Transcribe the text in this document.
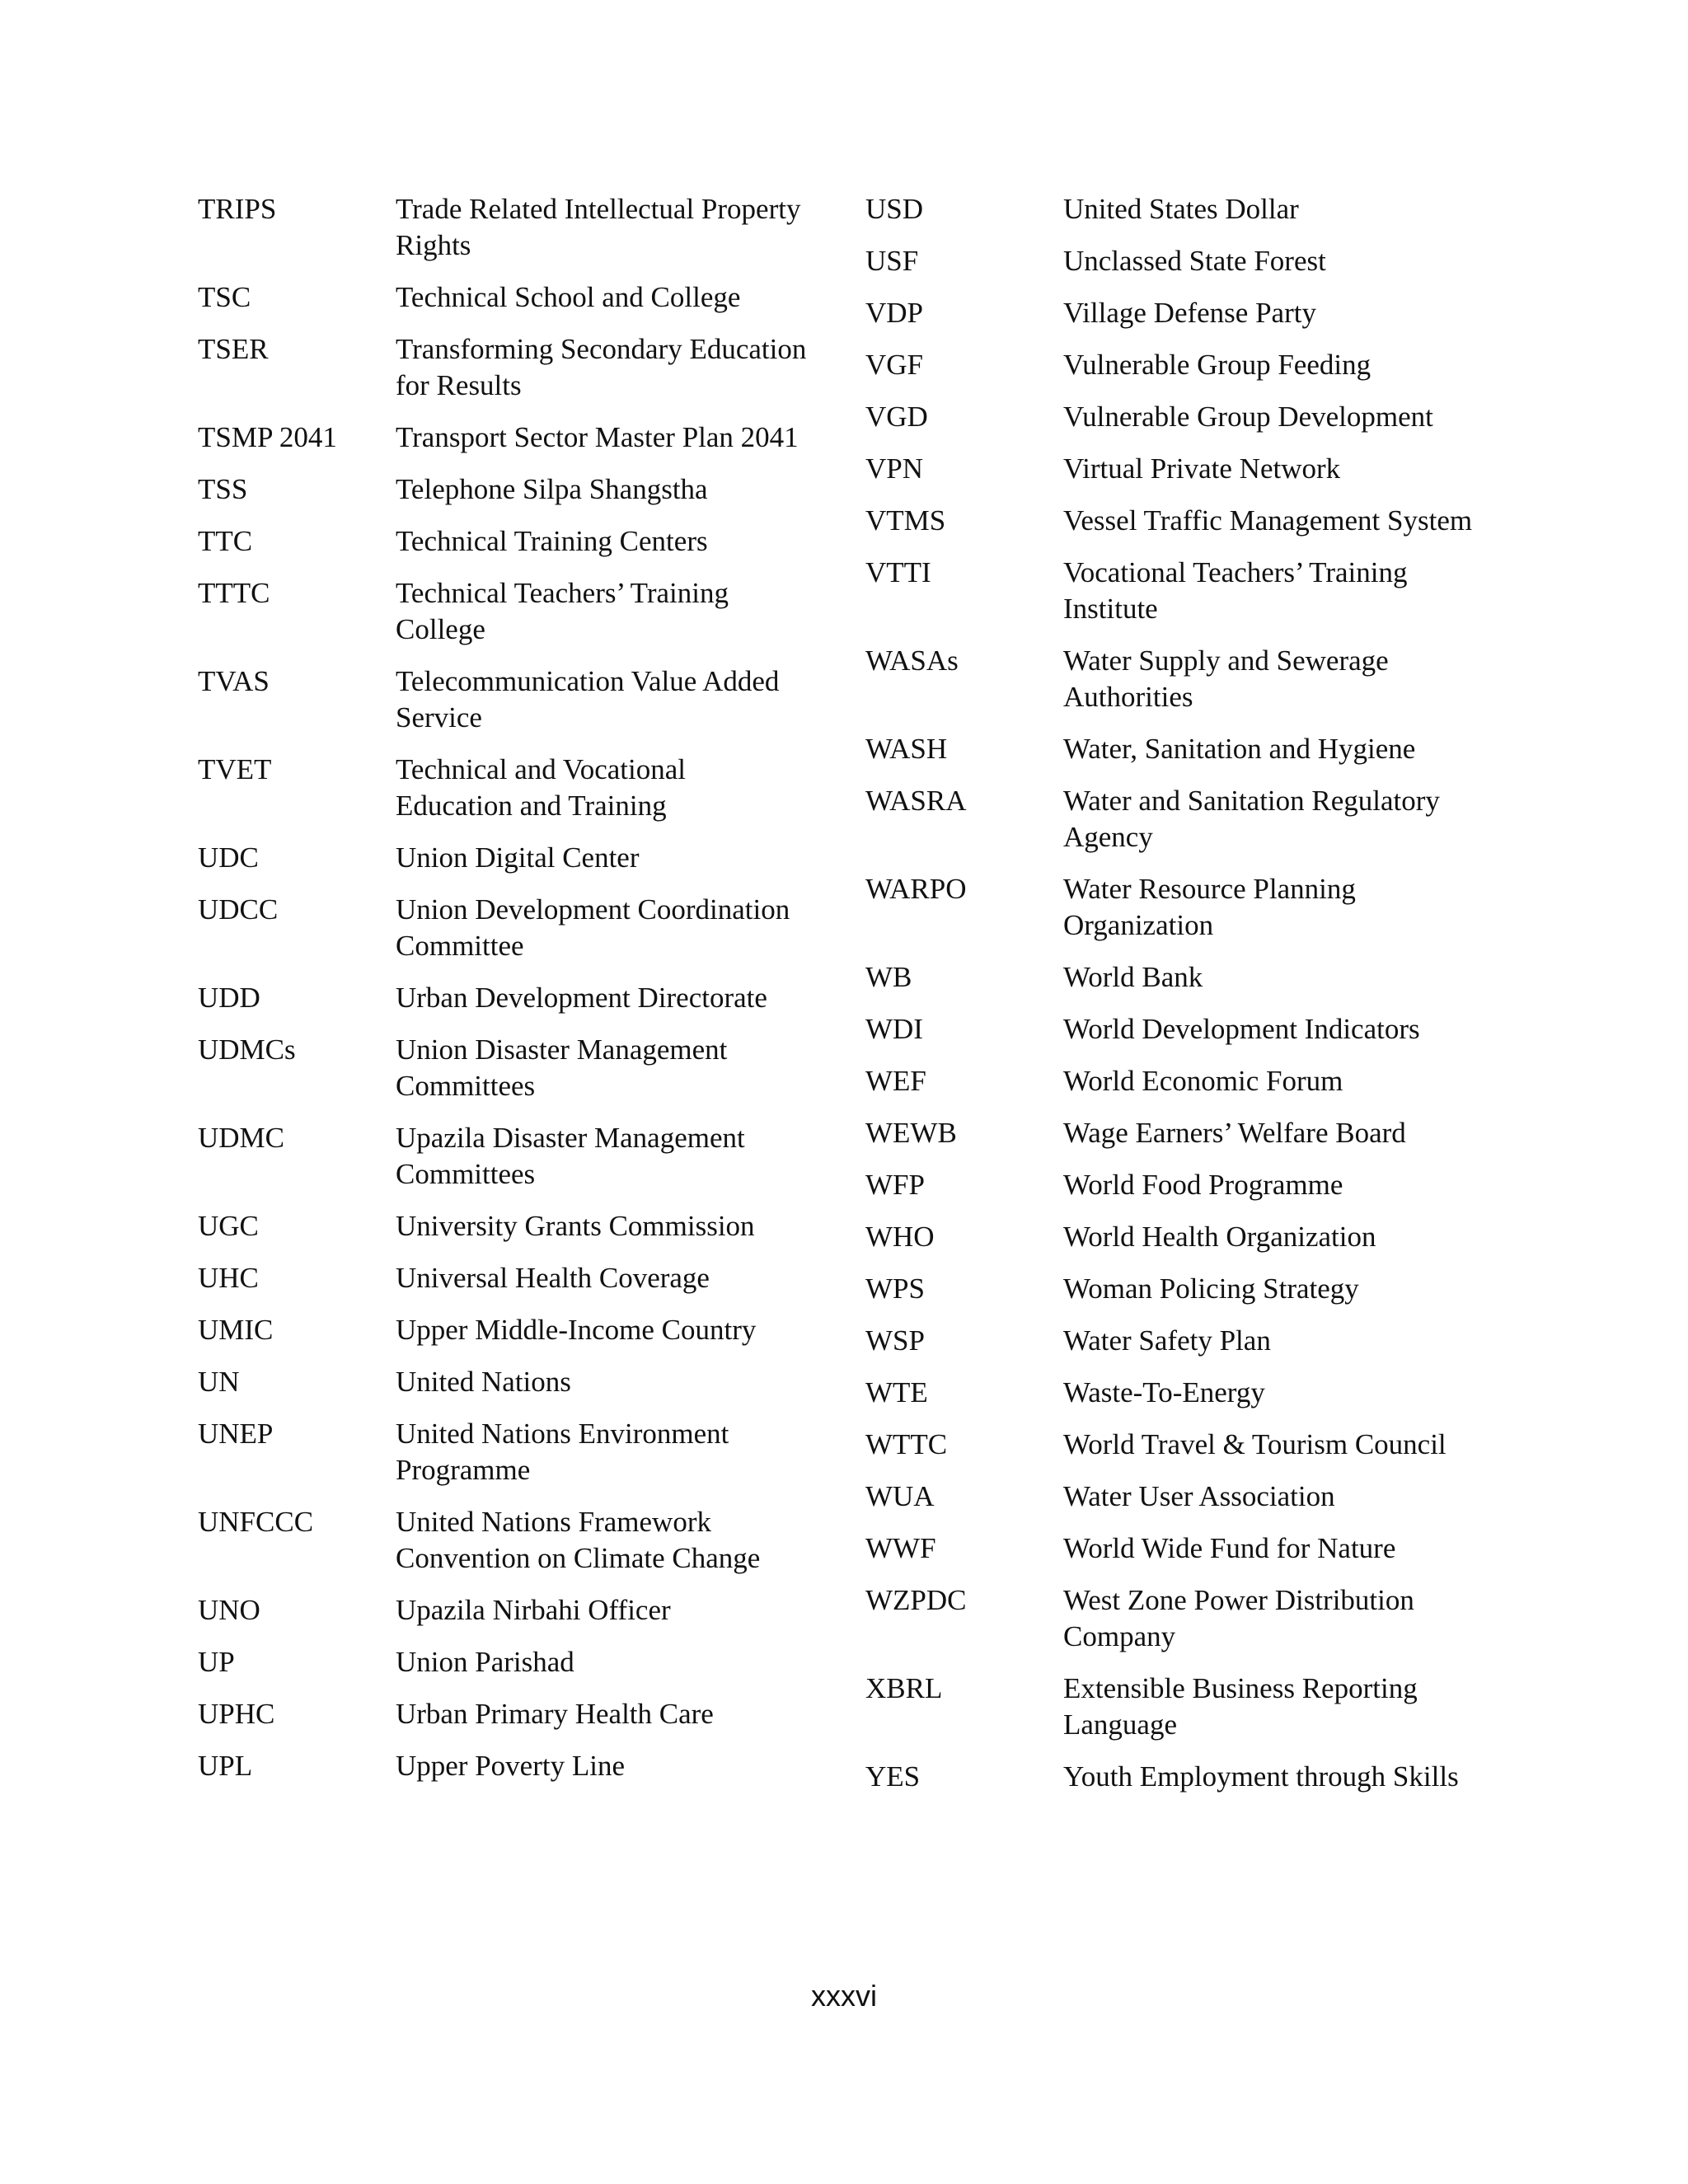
TRIPS	Trade Related Intellectual Property
Rights
TSC	Technical School and College
TSER	Transforming Secondary Education
for Results
TSMP 2041	Transport Sector Master Plan 2041
TSS	Telephone Silpa Shangstha
TTC	Technical Training Centers
TTTC	Technical Teachers’ Training
College
TVAS	Telecommunication Value Added
Service
TVET	Technical and Vocational
Education and Training
UDC	Union Digital Center
UDCC	Union Development Coordination
Committee
UDD	Urban Development Directorate
UDMCs	Union Disaster Management
Committees
UDMC	Upazila Disaster Management
Committees
UGC	University Grants Commission
UHC	Universal Health Coverage
UMIC	Upper Middle-Income Country
UN	United Nations
UNEP	United Nations Environment
Programme
UNFCCC	United Nations Framework
Convention on Climate Change
UNO	Upazila Nirbahi Officer
UP	Union Parishad
UPHC	Urban Primary Health Care
UPL	Upper Poverty Line
USD	United States Dollar
USF	Unclassed State Forest
VDP	Village Defense Party
VGF	Vulnerable Group Feeding
VGD	Vulnerable Group Development
VPN	Virtual Private Network
VTMS	Vessel Traffic Management System
VTTI	Vocational Teachers’ Training
Institute
WASAs	Water Supply and Sewerage
Authorities
WASH	Water, Sanitation and Hygiene
WASRA	Water and Sanitation Regulatory
Agency
WARPO	Water Resource Planning
Organization
WB	World Bank
WDI	World Development Indicators
WEF	World Economic Forum
WEWB	Wage Earners’ Welfare Board
WFP	World Food Programme
WHO	World Health Organization
WPS	Woman Policing Strategy
WSP	Water Safety Plan
WTE	Waste-To-Energy
WTTC	World Travel & Tourism Council
WUA	Water User Association
WWF	World Wide Fund for Nature
WZPDC	West Zone Power Distribution
Company
XBRL	Extensible Business Reporting
Language
YES	Youth Employment through Skills
xxxvi
